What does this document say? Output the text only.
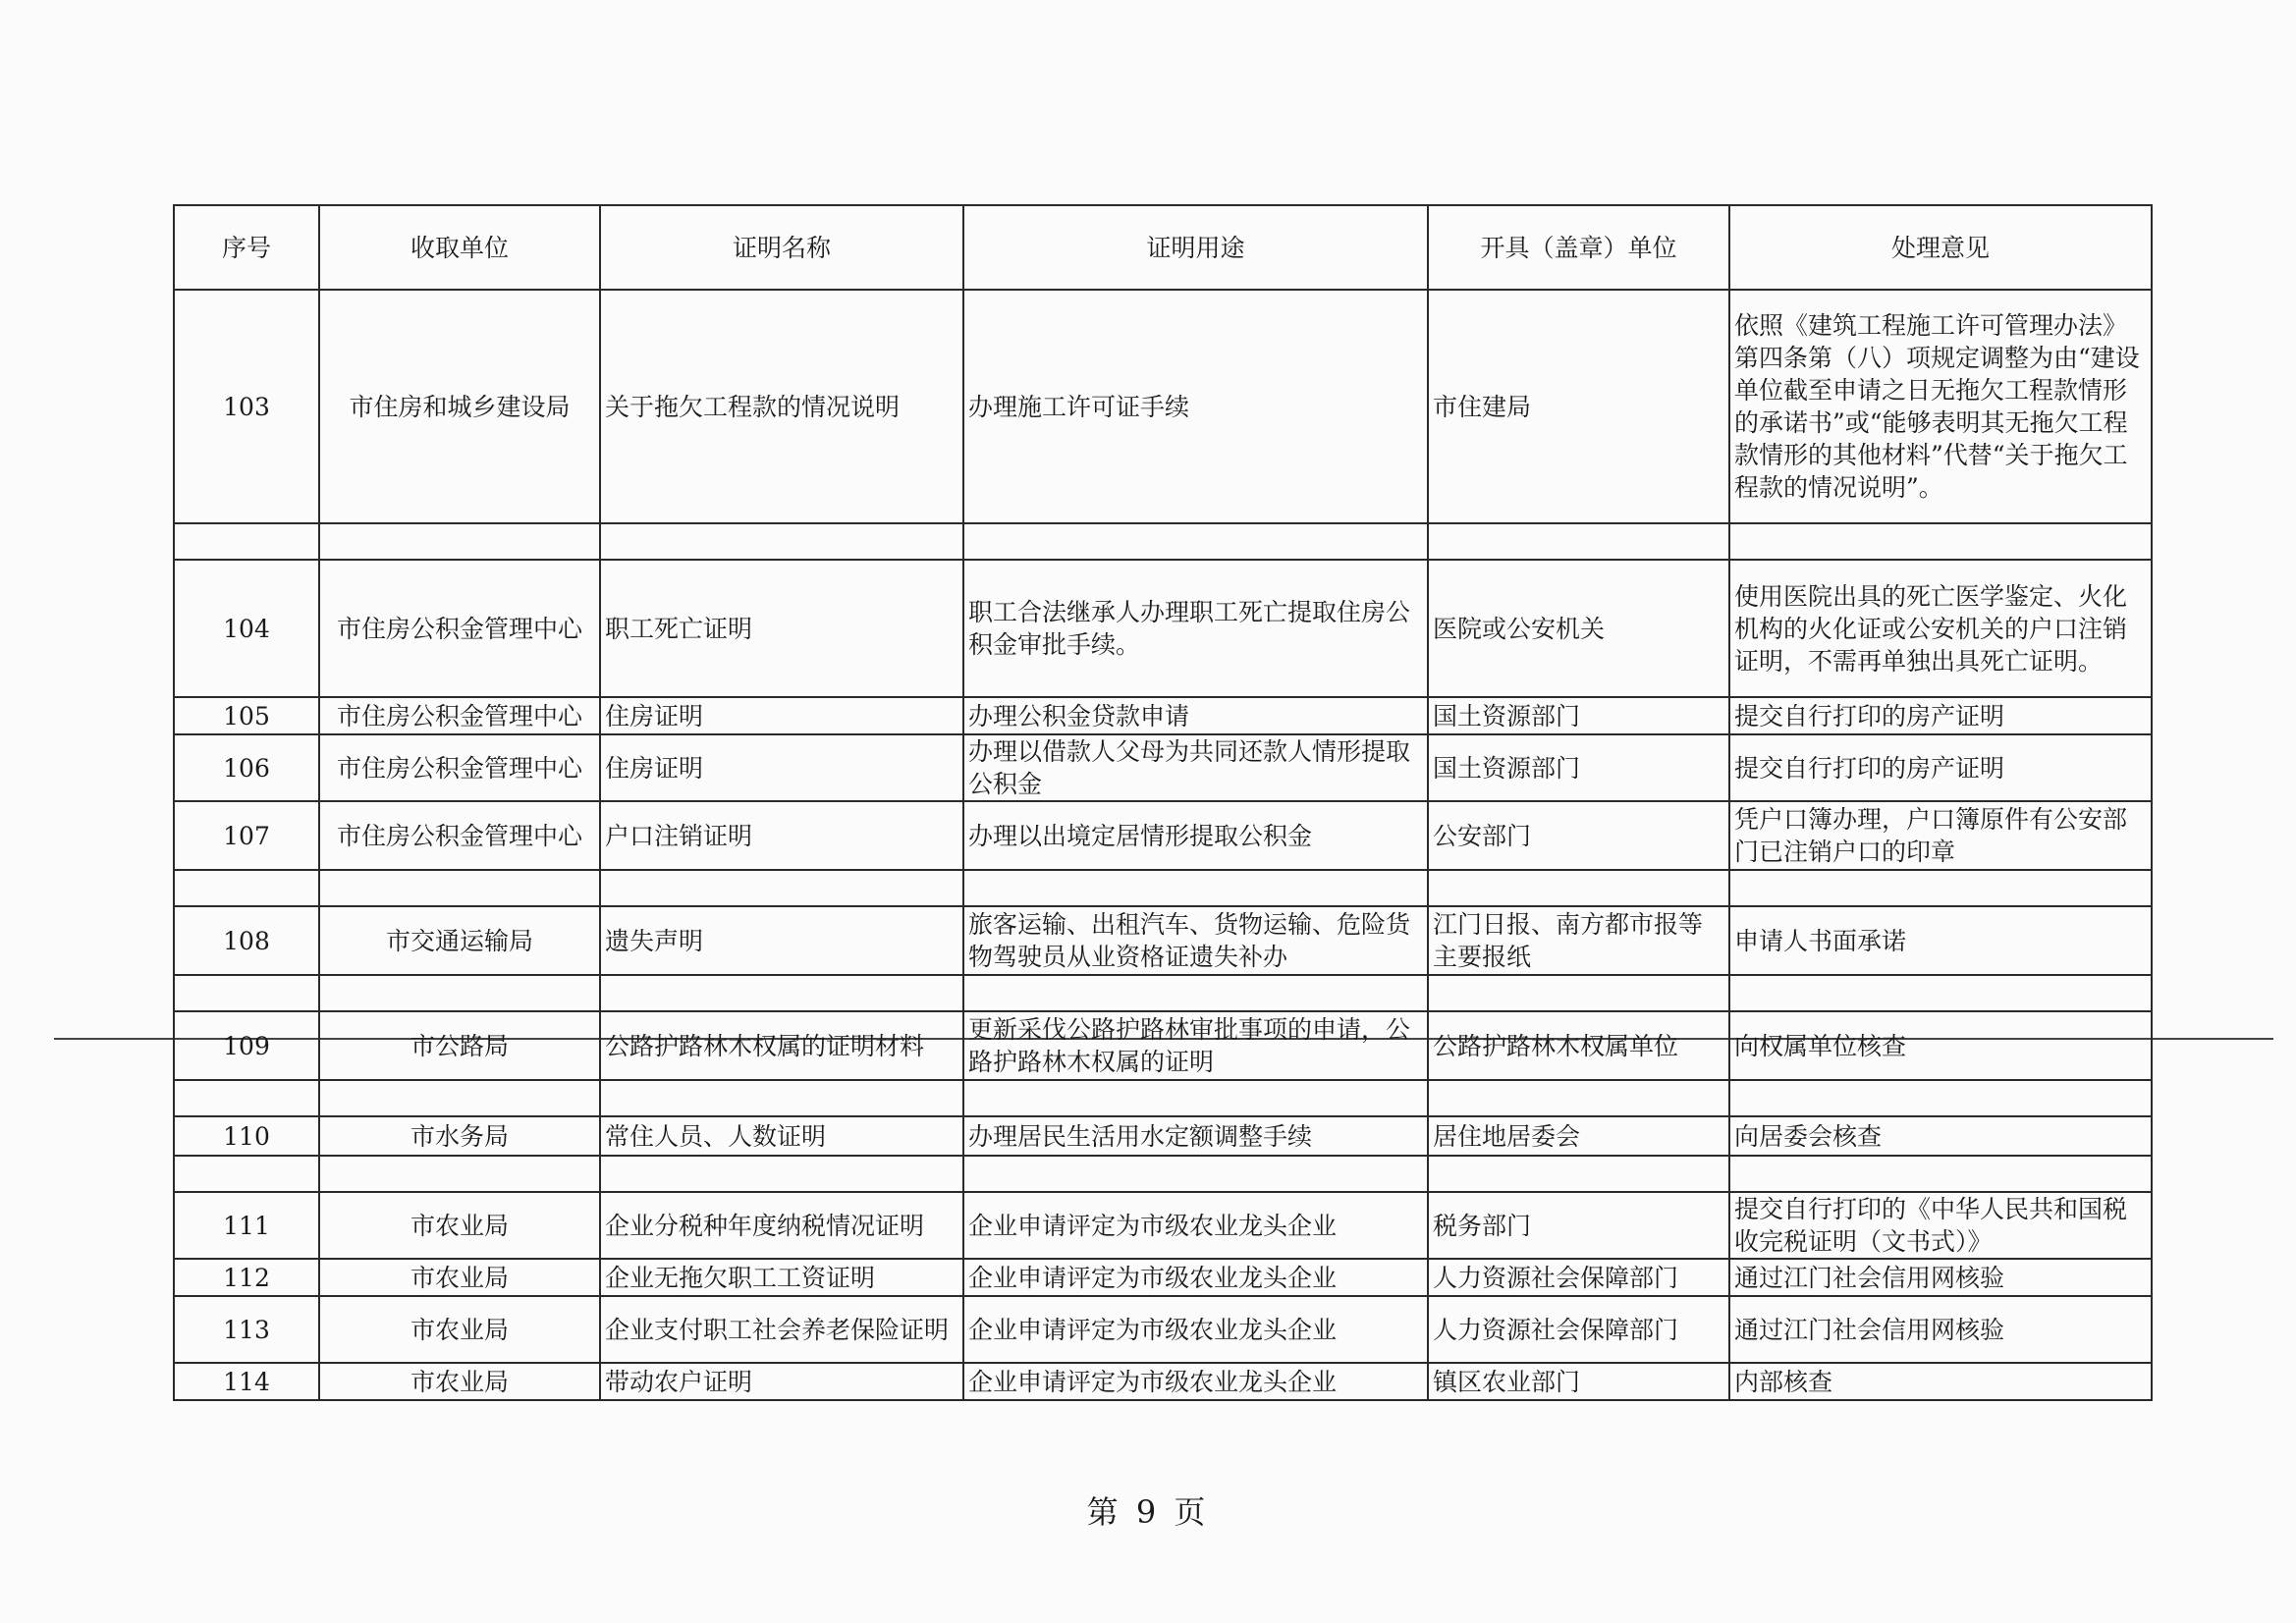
序号	收取单位	证明名称	证明用途	开具（盖章）单位	处理意见
103	市住房和城乡建设局	关于拖欠工程款的情况说明	办理施工许可证手续	市住建局	依照《建筑工程施工许可管理办法》第四条第（八）项规定调整为由“建设单位截至申请之日无拖欠工程款情形的承诺书”或“能够表明其无拖欠工程款情形的其他材料”代替“关于拖欠工程款的情况说明”。

104	市住房公积金管理中心	职工死亡证明	职工合法继承人办理职工死亡提取住房公积金审批手续。	医院或公安机关	使用医院出具的死亡医学鉴定、火化机构的火化证或公安机关的户口注销证明，不需再单独出具死亡证明。
105	市住房公积金管理中心	住房证明	办理公积金贷款申请	国土资源部门	提交自行打印的房产证明
106	市住房公积金管理中心	住房证明	办理以借款人父母为共同还款人情形提取公积金	国土资源部门	提交自行打印的房产证明
107	市住房公积金管理中心	户口注销证明	办理以出境定居情形提取公积金	公安部门	凭户口簿办理，户口簿原件有公安部门已注销户口的印章

108	市交通运输局	遗失声明	旅客运输、出租汽车、货物运输、危险货物驾驶员从业资格证遗失补办	江门日报、南方都市报等主要报纸	申请人书面承诺

109	市公路局	公路护路林木权属的证明材料	更新采伐公路护路林审批事项的申请，公路护路林木权属的证明	公路护路林木权属单位	向权属单位核查

110	市水务局	常住人员、人数证明	办理居民生活用水定额调整手续	居住地居委会	向居委会核查

111	市农业局	企业分税种年度纳税情况证明	企业申请评定为市级农业龙头企业	税务部门	提交自行打印的《中华人民共和国税收完税证明（文书式）》
112	市农业局	企业无拖欠职工工资证明	企业申请评定为市级农业龙头企业	人力资源社会保障部门	通过江门社会信用网核验
113	市农业局	企业支付职工社会养老保险证明	企业申请评定为市级农业龙头企业	人力资源社会保障部门	通过江门社会信用网核验
114	市农业局	带动农户证明	企业申请评定为市级农业龙头企业	镇区农业部门	内部核查
第 9 页
